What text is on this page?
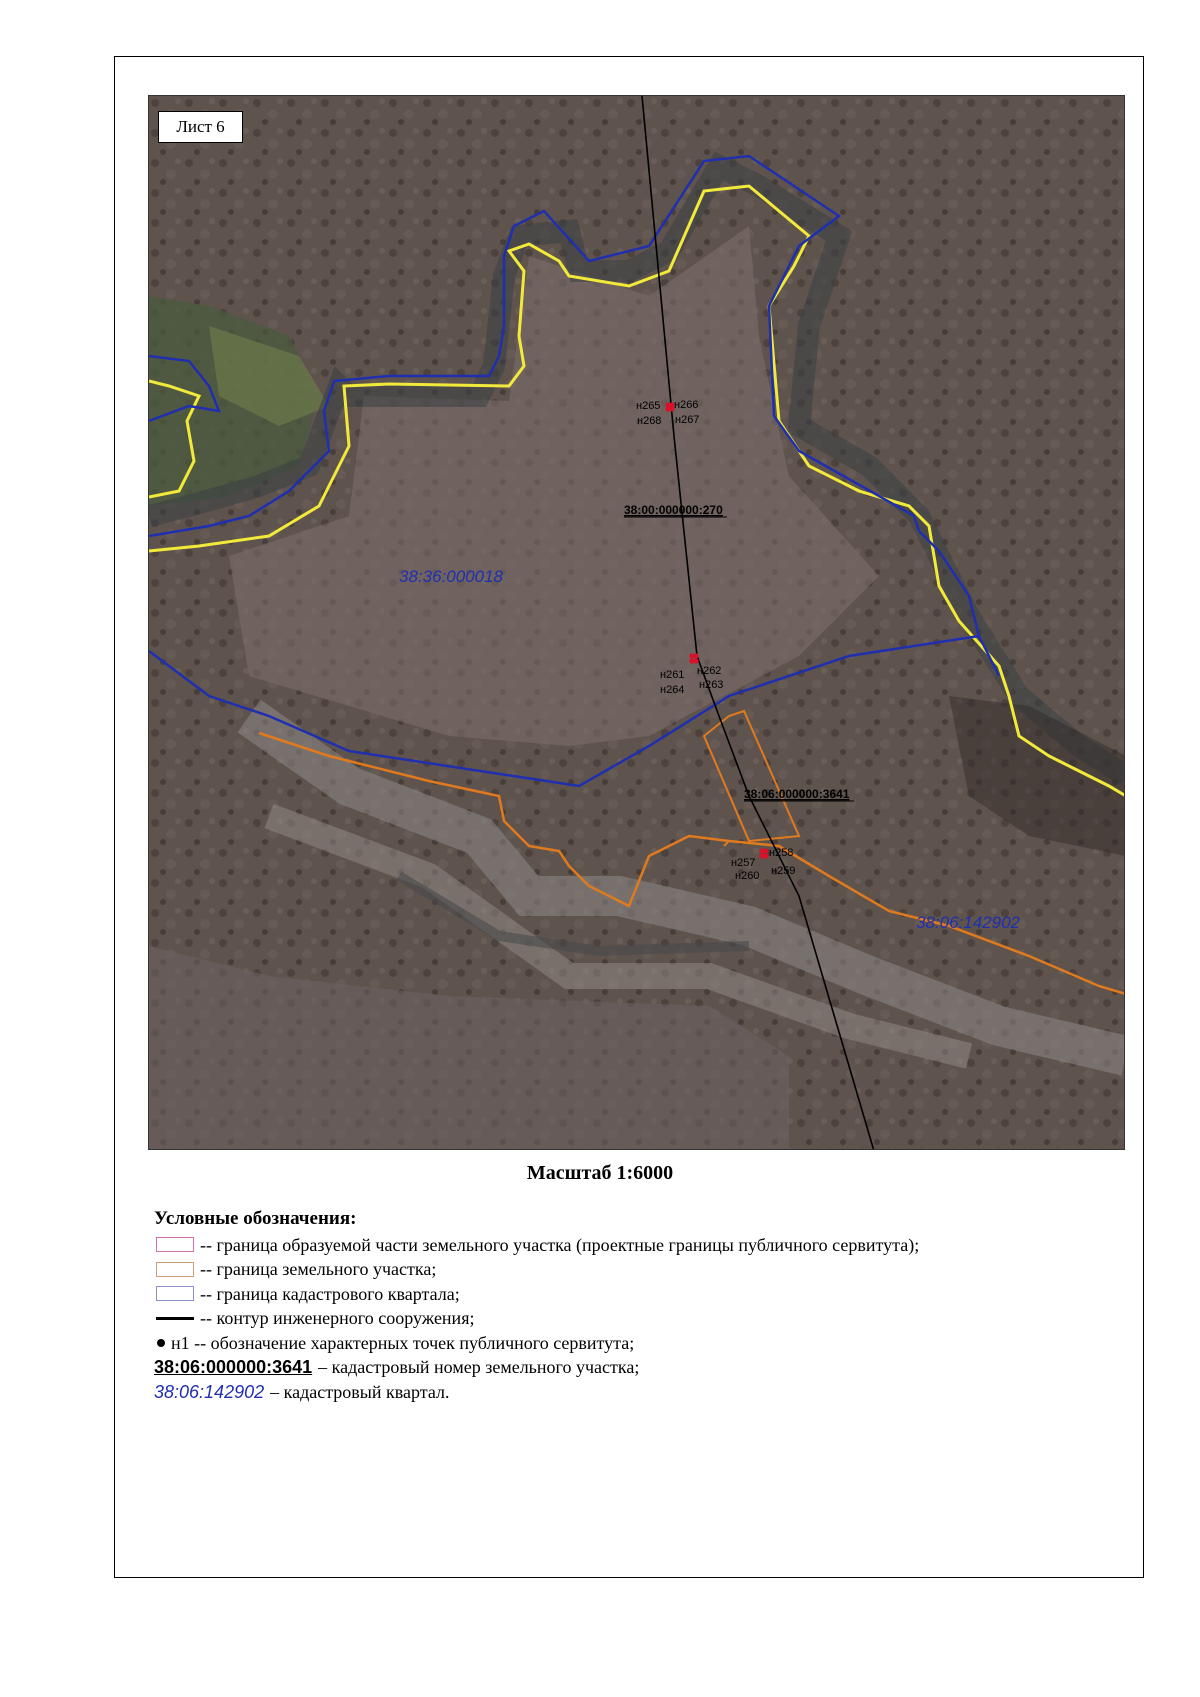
н265 н266
н268 н267
н261 н262
н264 н263
н257
н258
н260 н259
38:00:000000:270
38:06:000000:3641
38:36:000018
38:06:142902
Лист 6
Масштаб 1:6000
Условные обозначения:
-- граница образуемой части земельного участка (проектные границы публичного сервитута);
-- граница земельного участка;
-- граница кадастрового квартала;
-- контур инженерного сооружения;
н1 -- обозначение характерных точек публичного сервитута;
38:06:000000:3641 – кадастровый номер земельного участка;
38:06:142902 – кадастровый квартал.
